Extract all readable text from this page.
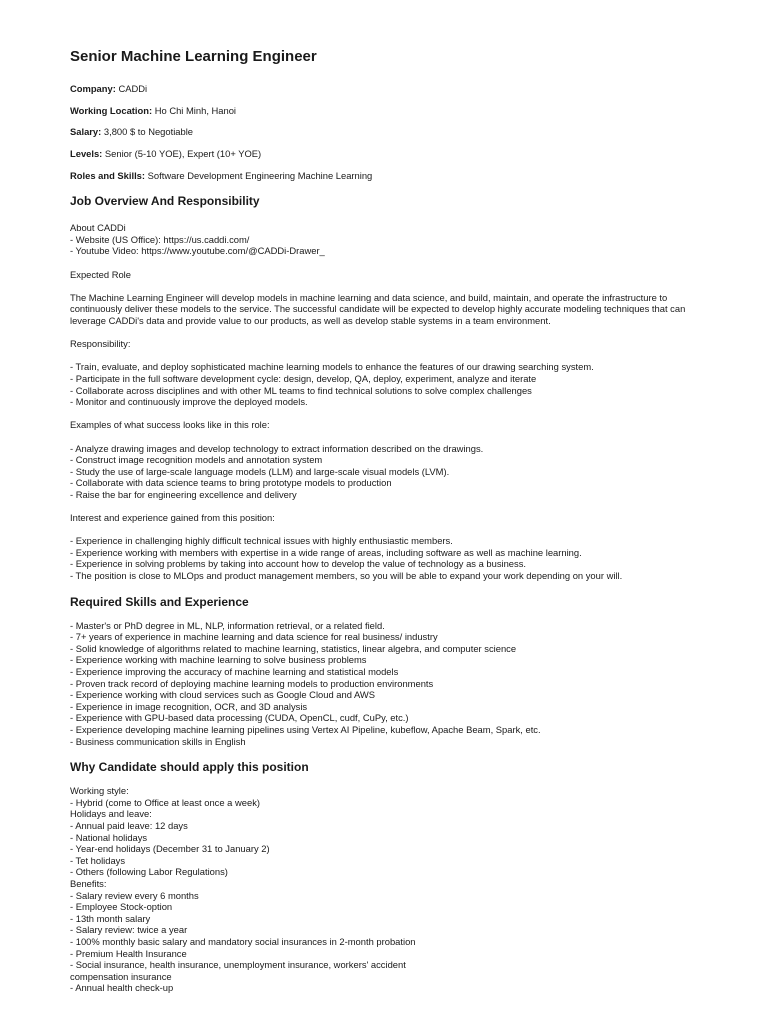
Senior Machine Learning Engineer
Company: CADDi
Working Location: Ho Chi Minh, Hanoi
Salary: 3,800 $ to Negotiable
Levels: Senior (5-10 YOE), Expert (10+ YOE)
Roles and Skills: Software Development Engineering Machine Learning
Job Overview And Responsibility
About CADDi
- Website (US Office): https://us.caddi.com/
- Youtube Video: https://www.youtube.com/@CADDi-Drawer_
Expected Role
The Machine Learning Engineer will develop models in machine learning and data science, and build, maintain, and operate the infrastructure to
continuously deliver these models to the service. The successful candidate will be expected to develop highly accurate modeling techniques that can
leverage CADDi's data and provide value to our products, as well as develop stable systems in a team environment.
Responsibility:
- Train, evaluate, and deploy sophisticated machine learning models to enhance the features of our drawing searching system.
- Participate in the full software development cycle: design, develop, QA, deploy, experiment, analyze and iterate
- Collaborate across disciplines and with other ML teams to find technical solutions to solve complex challenges
- Monitor and continuously improve the deployed models.
Examples of what success looks like in this role:
- Analyze drawing images and develop technology to extract information described on the drawings.
- Construct image recognition models and annotation system
- Study the use of large-scale language models (LLM) and large-scale visual models (LVM).
- Collaborate with data science teams to bring prototype models to production
- Raise the bar for engineering excellence and delivery
Interest and experience gained from this position:
- Experience in challenging highly difficult technical issues with highly enthusiastic members.
- Experience working with members with expertise in a wide range of areas, including software as well as machine learning.
- Experience in solving problems by taking into account how to develop the value of technology as a business.
- The position is close to MLOps and product management members, so you will be able to expand your work depending on your will.
Required Skills and Experience
- Master's or PhD degree in ML, NLP, information retrieval, or a related field.
- 7+ years of experience in machine learning and data science for real business/ industry
- Solid knowledge of algorithms related to machine learning, statistics, linear algebra, and computer science
- Experience working with machine learning to solve business problems
- Experience improving the accuracy of machine learning and statistical models
- Proven track record of deploying machine learning models to production environments
- Experience working with cloud services such as Google Cloud and AWS
- Experience in image recognition, OCR, and 3D analysis
- Experience with GPU-based data processing (CUDA, OpenCL, cudf, CuPy, etc.)
- Experience developing machine learning pipelines using Vertex AI Pipeline, kubeflow, Apache Beam, Spark, etc.
- Business communication skills in English
Why Candidate should apply this position
Working style:
- Hybrid (come to Office at least once a week)
Holidays and leave:
- Annual paid leave: 12 days
- National holidays
- Year-end holidays (December 31 to January 2)
- Tet holidays
- Others (following Labor Regulations)
Benefits:
- Salary review every 6 months
- Employee Stock-option
- 13th month salary
- Salary review: twice a year
- 100% monthly basic salary and mandatory social insurances in 2-month probation
- Premium Health Insurance
- Social insurance, health insurance, unemployment insurance, workers' accident
compensation insurance
- Annual health check-up
